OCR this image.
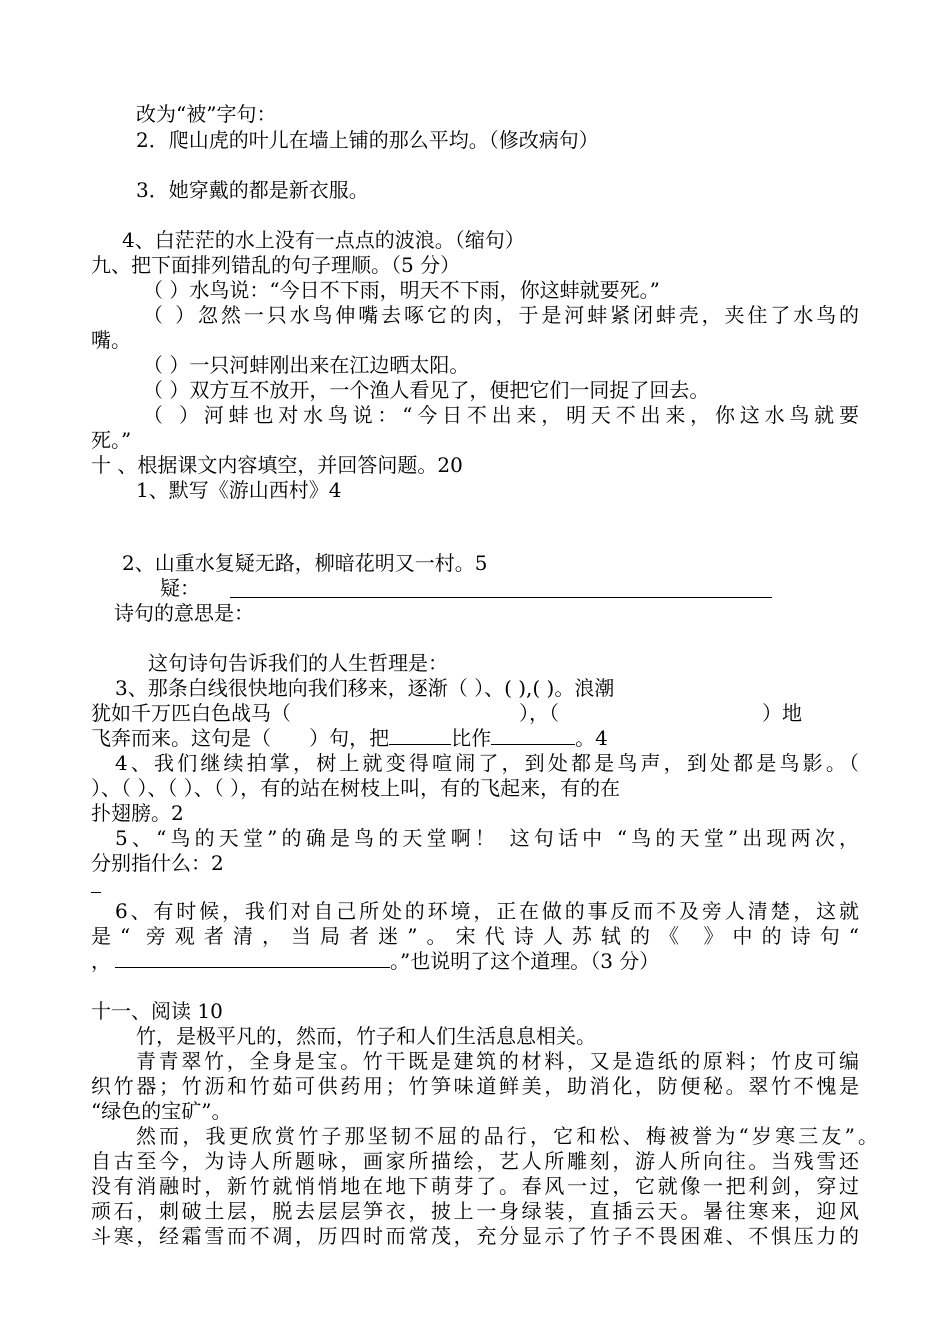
改为“被”字句：
2．爬山虎的叶儿在墙上铺的那么平均。（修改病句）
3．她穿戴的都是新衣服。
4、白茫茫的水上没有一点点的波浪。（缩句）
九、把下面排列错乱的句子理顺。（5 分）
（ ）水鸟说：“今日不下雨，明天不下雨，你这蚌就要死。”
（ ）忽然一只水鸟伸嘴去啄它的肉，于是河蚌紧闭蚌壳，夹住了水鸟的
嘴。
（ ）一只河蚌刚出来在江边晒太阳。
（ ）双方互不放开，一个渔人看见了，便把它们一同捉了回去。
（ ）河蚌也对水鸟说：“今日不出来，明天不出来，你这水鸟就要
死。”
十 、根据课文内容填空，并回答问题。20
1、默写《游山西村》4
2、山重水复疑无路，柳暗花明又一村。5
疑：
诗句的意思是：
这句诗句告诉我们的人生哲理是：
3、那条白线很快地向我们移来，逐渐（ ）、( ),( )。浪潮
犹如千万匹白色战马（	），（	）地
飞奔而来。这句是（      ）句，把	比作	。4
4、我们继续拍掌，树上就变得喧闹了，到处都是鸟声，到处都是鸟影。（
）、（ ）、（ ）、（ ），有的站在树枝上叫，有的飞起来，有的在
扑翅膀。2
5、“鸟的天堂”的确是鸟的天堂啊！ 这句话中 “鸟的天堂”出现两次，
分别指什么：2
6、有时候，我们对自己所处的环境，正在做的事反而不及旁人清楚，这就
是“ 旁观者清，当局者迷”。宋代诗人苏轼的《 》中的诗句“
，	。”也说明了这个道理。（3 分）
十一、阅读 10
竹，是极平凡的，然而，竹子和人们生活息息相关。
青青翠竹，全身是宝。竹干既是建筑的材料，又是造纸的原料；竹皮可编
织竹器；竹沥和竹茹可供药用；竹笋味道鲜美，助消化，防便秘。翠竹不愧是
“绿色的宝矿”。
然而，我更欣赏竹子那坚韧不屈的品行，它和松、梅被誉为“岁寒三友”。
自古至今，为诗人所题咏，画家所描绘，艺人所雕刻，游人所向往。当残雪还
没有消融时，新竹就悄悄地在地下萌芽了。春风一过，它就像一把利剑，穿过
顽石，刺破土层，脱去层层笋衣，披上一身绿装，直插云天。暑往寒来，迎风
斗寒，经霜雪而不凋，历四时而常茂，充分显示了竹子不畏困难、不惧压力的
